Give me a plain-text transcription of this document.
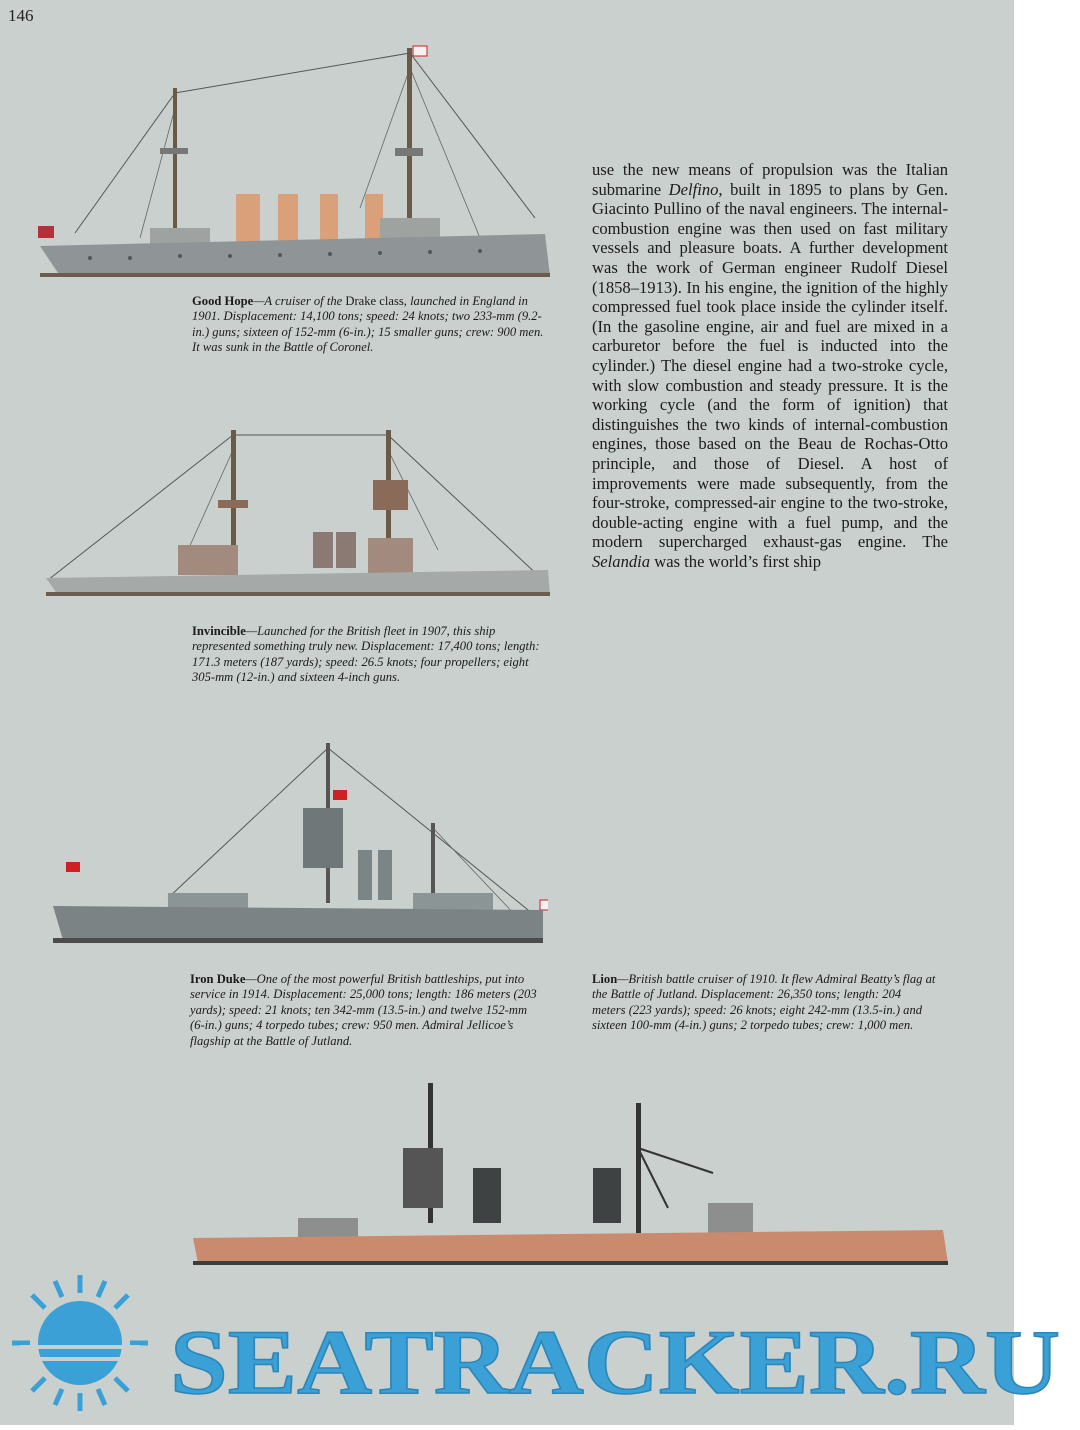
146

Good Hope—A cruiser of the Drake class, launched in England in 1901. Displacement: 14,100 tons; speed: 24 knots; two 233-mm (9.2-in.) guns; sixteen of 152-mm (6-in.); 15 smaller guns; crew: 900 men. It was sunk in the Battle of Coronel.

Invincible—Launched for the British fleet in 1907, this ship represented something truly new. Displacement: 17,400 tons; length: 171.3 meters (187 yards); speed: 26.5 knots; four propellers; eight 305-mm (12-in.) and sixteen 4-inch guns.

use the new means of propulsion was the Italian submarine Delfino, built in 1895 to plans by Gen. Giacinto Pullino of the naval engineers. The internal-combustion engine was then used on fast military vessels and pleasure boats. A further development was the work of German engineer Rudolf Diesel (1858–1913). In his engine, the ignition of the highly compressed fuel took place inside the cylinder itself. (In the gasoline engine, air and fuel are mixed in a carburetor before the fuel is inducted into the cylinder.) The diesel engine had a two-stroke cycle, with slow combustion and steady pressure. It is the working cycle (and the form of ignition) that distinguishes the two kinds of internal-combustion engines, those based on the Beau de Rochas-Otto principle, and those of Diesel. A host of improvements were made subsequently, from the four-stroke, compressed-air engine to the two-stroke, double-acting engine with a fuel pump, and the modern supercharged exhaust-gas engine. The Selandia was the world’s first ship

Iron Duke—One of the most powerful British battleships, put into service in 1914. Displacement: 25,000 tons; length: 186 meters (203 yards); speed: 21 knots; ten 342-mm (13.5-in.) and twelve 152-mm (6-in.) guns; 4 torpedo tubes; crew: 950 men. Admiral Jellicoe’s flagship at the Battle of Jutland.

Lion—British battle cruiser of 1910. It flew Admiral Beatty’s flag at the Battle of Jutland. Displacement: 26,350 tons; length: 204 meters (223 yards); speed: 26 knots; eight 242-mm (13.5-in.) and sixteen 100-mm (4-in.) guns; 2 torpedo tubes; crew: 1,000 men.

SEATRACKER.RU
